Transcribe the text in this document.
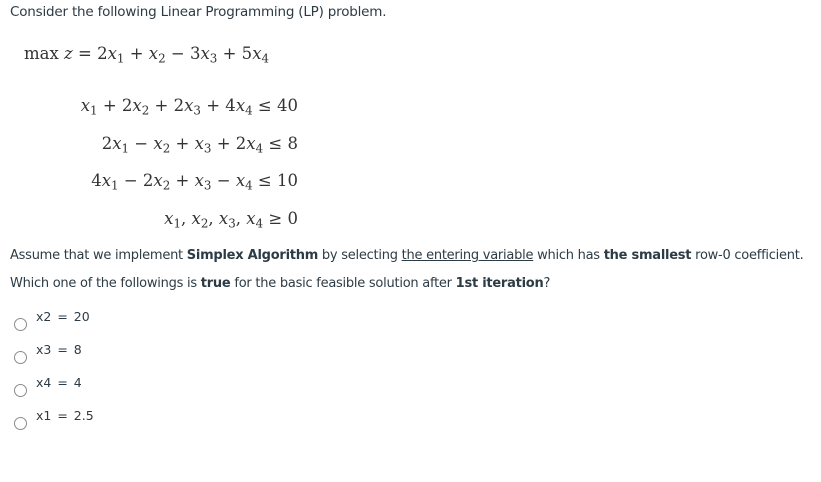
Consider the following Linear Programming (LP) problem.
$\max z = 2x_1 + x_2 - 3x_3 + 5x_4$
$x_1 + 2x_2 + 2x_3 + 4x_4 \le 40$
$2x_1 - x_2 + x_3 + 2x_4 \le 8$
$4x_1 - 2x_2 + x_3 - x_4 \le 10$
$x_1$, $x_2$, $x_3$, $x_4 \ge 0$
Assume that we implement Simplex Algorithm by selecting the entering variable which has the smallest row-0 coefficient.
Which one of the followings is true for the basic feasible solution after 1st iteration?
x2 = 20
x3 = 8
x4 = 4
x1 = 2.5
